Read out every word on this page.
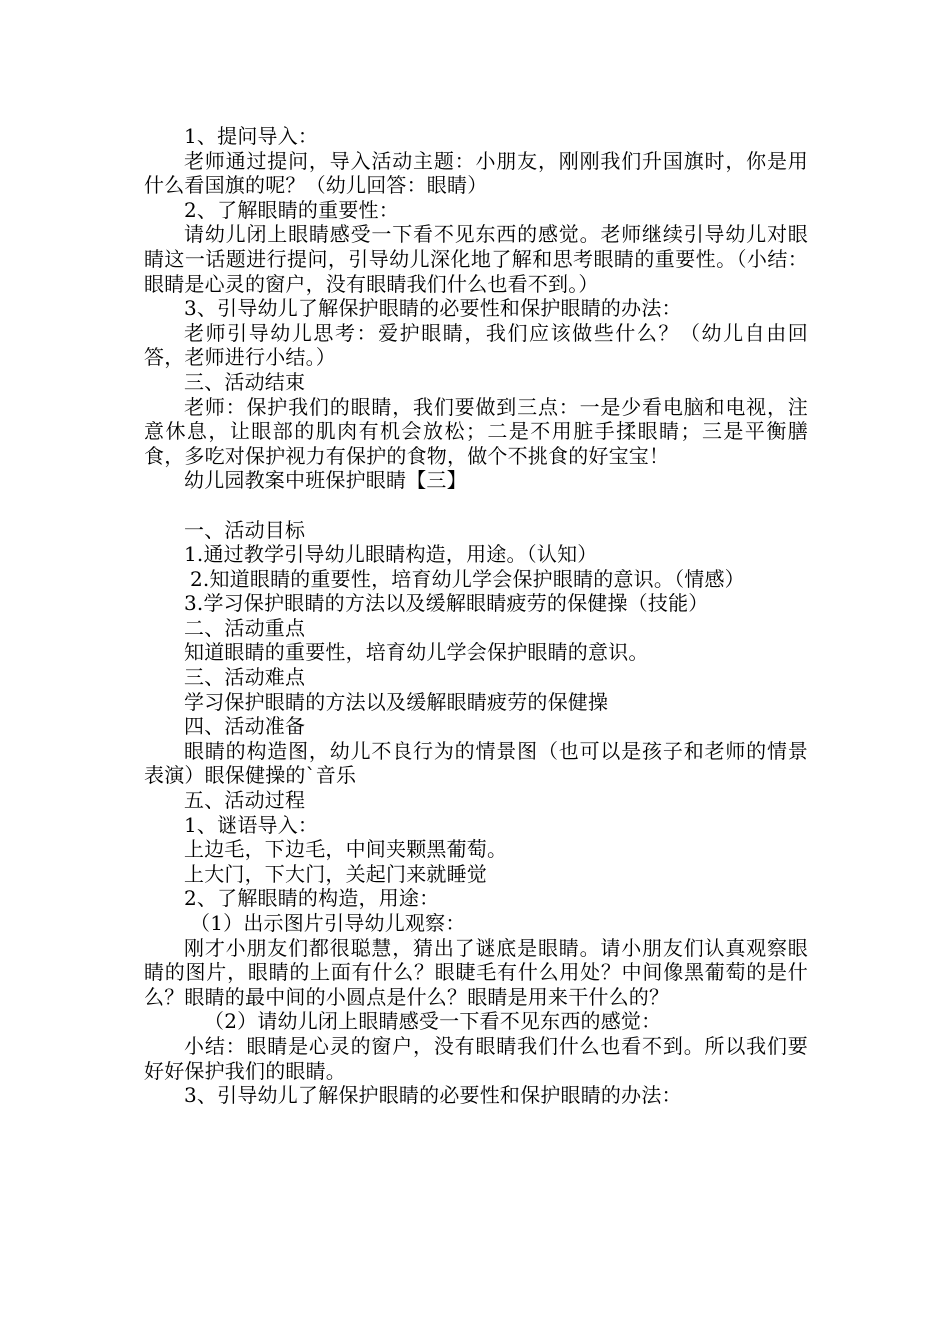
1、提问导入：

老师通过提问，导入活动主题：小朋友，刚刚我们升国旗时，你是用什么看国旗的呢？（幼儿回答：眼睛）

2、了解眼睛的重要性：

请幼儿闭上眼睛感受一下看不见东西的感觉。老师继续引导幼儿对眼睛这一话题进行提问，引导幼儿深化地了解和思考眼睛的重要性。（小结：眼睛是心灵的窗户，没有眼睛我们什么也看不到。）

3、引导幼儿了解保护眼睛的必要性和保护眼睛的办法：

老师引导幼儿思考：爱护眼睛，我们应该做些什么？（幼儿自由回答，老师进行小结。）

三、活动结束

老师：保护我们的眼睛，我们要做到三点：一是少看电脑和电视，注意休息，让眼部的肌肉有机会放松；二是不用脏手揉眼睛；三是平衡膳食，多吃对保护视力有保护的食物，做个不挑食的好宝宝！

幼儿园教案中班保护眼睛【三】

一、活动目标

1.通过教学引导幼儿眼睛构造，用途。（认知）

2.知道眼睛的重要性，培育幼儿学会保护眼睛的意识。（情感）

3.学习保护眼睛的方法以及缓解眼睛疲劳的保健操（技能）

二、活动重点

知道眼睛的重要性，培育幼儿学会保护眼睛的意识。

三、活动难点

学习保护眼睛的方法以及缓解眼睛疲劳的保健操

四、活动准备

眼睛的构造图，幼儿不良行为的情景图（也可以是孩子和老师的情景表演）眼保健操的`音乐

五、活动过程

1、谜语导入：

上边毛，下边毛，中间夹颗黑葡萄。

上大门，下大门，关起门来就睡觉

2、了解眼睛的构造，用途：

（1）出示图片引导幼儿观察：

刚才小朋友们都很聪慧，猜出了谜底是眼睛。请小朋友们认真观察眼睛的图片，眼睛的上面有什么？眼睫毛有什么用处？中间像黑葡萄的是什么？眼睛的最中间的小圆点是什么？眼睛是用来干什么的？

（2）请幼儿闭上眼睛感受一下看不见东西的感觉：

小结：眼睛是心灵的窗户，没有眼睛我们什么也看不到。所以我们要好好保护我们的眼睛。

3、引导幼儿了解保护眼睛的必要性和保护眼睛的办法：
